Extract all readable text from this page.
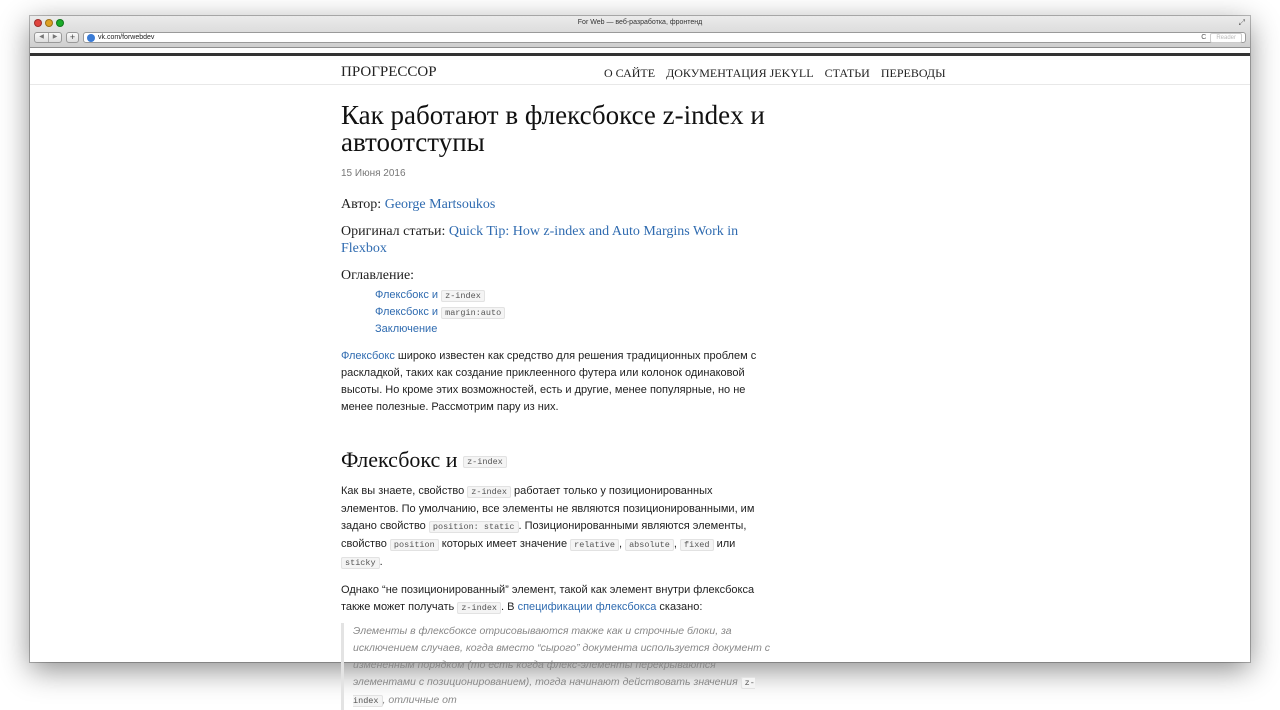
For Web — веб-разработка, фронтенд	⤢
◀	▶	+	vk.com/forwebdev	C	Reader
ПРОГРЕССОР	О САЙТЕ ДОКУМЕНТАЦИЯ JEKYLL СТАТЬИ ПЕРЕВОДЫ
Как работают в флексбоксе z-index и автоотступы
15 Июня 2016
Автор: George Martsoukos
Оригинал статьи: Quick Tip: How z-index and Auto Margins Work in Flexbox
Оглавление:
Флексбокс и z-index
Флексбокс и margin:auto
Заключение

Флексбокс широко известен как средство для решения традиционных проблем с раскладкой, таких как создание приклеенного футера или колонок одинаковой высоты. Но кроме этих возможностей, есть и другие, менее популярные, но не менее полезные. Рассмотрим пару из них.

Флексбокс и z-index

Как вы знаете, свойство z-index работает только у позиционированных элементов. По умолчанию, все элементы не являются позиционированными, им задано свойство position: static . Позиционированными являются элементы, свойство position которых имеет значение relative , absolute , fixed или sticky .

Однако “не позиционированный” элемент, такой как элемент внутри флексбокса также может получать z-index . В спецификации флексбокса сказано:

Элементы в флексбоксе отрисовываются также как и строчные блоки, за исключением случаев, когда вместо “сырого” документа используется документ с измененным порядком (то есть когда флекс-элементы перекрываются элементами с позиционированием), тогда начинают действовать значения z-index , отличные от
